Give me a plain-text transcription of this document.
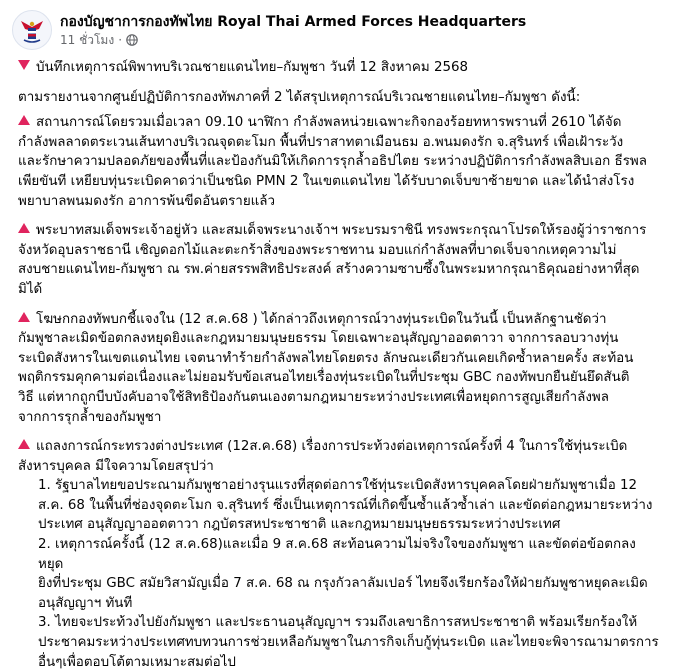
กองบัญชาการกองทัพไทย Royal Thai Armed Forces Headquarters
11 ชั่วโมง ·

บันทึกเหตุการณ์พิพาทบริเวณชายแดนไทย–กัมพูชา วันที่ 12 สิงหาคม 2568

ตามรายงานจากศูนย์ปฏิบัติการกองทัพภาคที่ 2 ได้สรุปเหตุการณ์บริเวณชายแดนไทย–กัมพูชา ดังนี้:

สถานการณ์โดยรวมเมื่อเวลา 09.10 นาฬิกา กำลังพลหน่วยเฉพาะกิจกองร้อยทหารพรานที่ 2610 ได้จัด

กำลังพลลาดตระเวนเส้นทางบริเวณจุดตะโมก พื้นที่ปราสาทตาเมือนธม อ.พนมดงรัก จ.สุรินทร์ เพื่อเฝ้าระวัง

และรักษาความปลอดภัยของพื้นที่และป้องกันมิให้เกิดการรุกล้ำอธิปไตย ระหว่างปฏิบัติการกำลังพลสิบเอก ธีรพล

เพียขันที เหยียบทุ่นระเบิดคาดว่าเป็นชนิด PMN 2 ในเขตแดนไทย ได้รับบาดเจ็บขาซ้ายขาด และได้นำส่งโรง

พยาบาลพนมดงรัก อาการพ้นขีดอันตรายแล้ว

พระบาทสมเด็จพระเจ้าอยู่หัว และสมเด็จพระนางเจ้าฯ พระบรมราชินี ทรงพระกรุณาโปรดให้รองผู้ว่าราชการ

จังหวัดอุบลราชธานี เชิญดอกไม้และตะกร้าสิ่งของพระราชทาน มอบแก่กำลังพลที่บาดเจ็บจากเหตุความไม่

สงบชายแดนไทย-กัมพูชา ณ รพ.ค่ายสรรพสิทธิประสงค์ สร้างความซาบซึ้งในพระมหากรุณาธิคุณอย่างหาที่สุด

มิได้

โฆษกกองทัพบกชี้แจงใน (12 ส.ค.68 ) ได้กล่าวถึงเหตุการณ์วางทุ่นระเบิดในวันนี้ เป็นหลักฐานชัดว่า

กัมพูชาละเมิดข้อตกลงหยุดยิงและกฎหมายมนุษยธรรม โดยเฉพาะอนุสัญญาออตตาวา จากการลอบวางทุ่น

ระเบิดสังหารในเขตแดนไทย เจตนาทำร้ายกำลังพลไทยโดยตรง ลักษณะเดียวกันเคยเกิดซ้ำหลายครั้ง สะท้อน

พฤติกรรมคุกคามต่อเนื่องและไม่ยอมรับข้อเสนอไทยเรื่องทุ่นระเบิดในที่ประชุม GBC กองทัพบกยืนยันยึดสันติ

วิธี แต่หากถูกบีบบังคับอาจใช้สิทธิป้องกันตนเองตามกฎหมายระหว่างประเทศเพื่อหยุดการสูญเสียกำลังพล

จากการรุกล้ำของกัมพูชา

แถลงการณ์กระทรวงต่างประเทศ (12ส.ค.68) เรื่องการประท้วงต่อเหตุการณ์ครั้งที่ 4 ในการใช้ทุ่นระเบิด

สังหารบุคคล มีใจความโดยสรุปว่า

1. รัฐบาลไทยขอประณามกัมพูชาอย่างรุนแรงที่สุดต่อการใช้ทุ่นระเบิดสังหารบุคคลโดยฝ่ายกัมพูชาเมื่อ 12

ส.ค. 68 ในพื้นที่ช่องจุดตะโมก จ.สุรินทร์ ซึ่งเป็นเหตุการณ์ที่เกิดขึ้นซ้ำแล้วซ้ำเล่า และขัดต่อกฎหมายระหว่าง

ประเทศ อนุสัญญาออตตาวา กฎบัตรสหประชาชาติ และกฎหมายมนุษยธรรมระหว่างประเทศ

2. เหตุการณ์ครั้งนี้ (12 ส.ค.68)และเมื่อ 9 ส.ค.68 สะท้อนความไม่จริงใจของกัมพูชา และขัดต่อข้อตกลงหยุด

ยิงที่ประชุม GBC สมัยวิสามัญเมื่อ 7 ส.ค. 68 ณ กรุงกัวลาลัมเปอร์ ไทยจึงเรียกร้องให้ฝ่ายกัมพูชาหยุดละเมิด

อนุสัญญาฯ ทันที

3. ไทยจะประท้วงไปยังกัมพูชา และประธานอนุสัญญาฯ รวมถึงเลขาธิการสหประชาชาติ พร้อมเรียกร้องให้

ประชาคมระหว่างประเทศทบทวนการช่วยเหลือกัมพูชาในภารกิจเก็บกู้ทุ่นระเบิด และไทยจะพิจารณามาตรการ

อื่นๆเพื่อตอบโต้ตามเหมาะสมต่อไป
